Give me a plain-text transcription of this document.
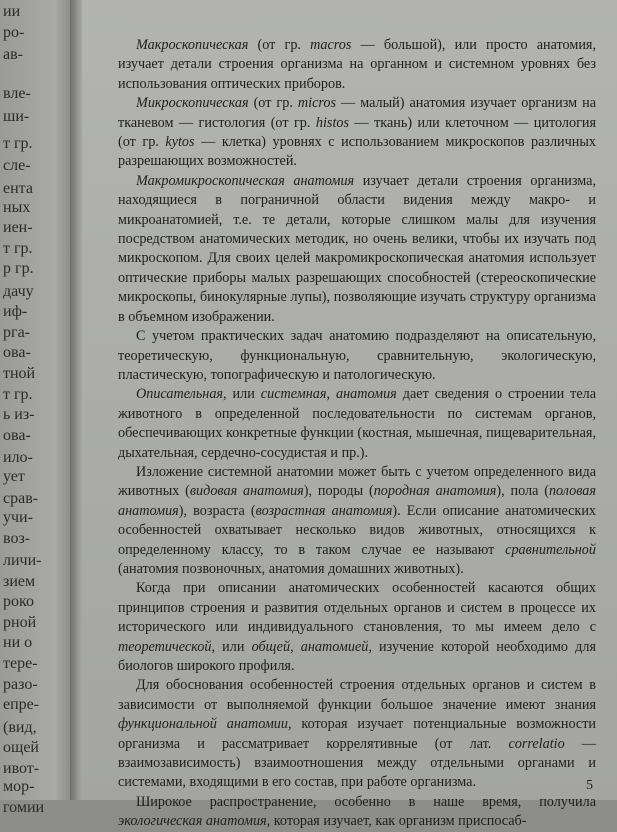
ии
ро-
ав-
вле-
ши-
т гр.
сле-
ента
ных
иен-
т гр.
р гр.
дачу
иф-
рга-
ова-
тной
т гр.
ь из-
ова-
ило-
ует
срав-
учи-
воз-
личи-
зием
роко
рной
ни о
тере-
разо-
епре-
(вид,
ощей
ивот-
мор-
гомии

Макроскопическая (от гр. macros — большой), или просто анатомия, изучает детали строения организма на органном и системном уровнях без использования оптических приборов.

Микроскопическая (от гр. micros — малый) анатомия изучает организм на тканевом — гистология (от гр. histos — ткань) или клеточном — цитология (от гр. kytos — клетка) уровнях с использованием микроскопов различных разрешающих возможностей.

Макромикроскопическая анатомия изучает детали строения организма, находящиеся в пограничной области видения между макро- и микроанатомией, т.е. те детали, которые слишком малы для изучения посредством анатомических методик, но очень велики, чтобы их изучать под микроскопом. Для своих целей макромикроскопическая анатомия использует оптические приборы малых разрешающих способностей (стереоскопические микроскопы, бинокулярные лупы), позволяющие изучать структуру организма в объемном изображении.

С учетом практических задач анатомию подразделяют на описательную, теоретическую, функциональную, сравнительную, экологическую, пластическую, топографическую и патологическую.

Описательная, или системная, анатомия дает сведения о строении тела животного в определенной последовательности по системам органов, обеспечивающих конкретные функции (костная, мышечная, пищеварительная, дыхательная, сердечно-сосудистая и пр.).

Изложение системной анатомии может быть с учетом определенного вида животных (видовая анатомия), породы (породная анатомия), пола (половая анатомия), возраста (возрастная анатомия). Если описание анатомических особенностей охватывает несколько видов животных, относящихся к определенному классу, то в таком случае ее называют сравнительной (анатомия позвоночных, анатомия домашних животных).

Когда при описании анатомических особенностей касаются общих принципов строения и развития отдельных органов и систем в процессе их исторического или индивидуального становления, то мы имеем дело с теоретической, или общей, анатомией, изучение которой необходимо для биологов широкого профиля.

Для обоснования особенностей строения отдельных органов и систем в зависимости от выполняемой функции большое значение имеют знания функциональной анатомии, которая изучает потенциальные возможности организма и рассматривает коррелятивные (от лат. correlatio — взаимозависимость) взаимоотношения между отдельными органами и системами, входящими в его состав, при работе организма.

Широкое распространение, особенно в наше время, получила экологическая анатомия, которая изучает, как организм приспосаб-

5
